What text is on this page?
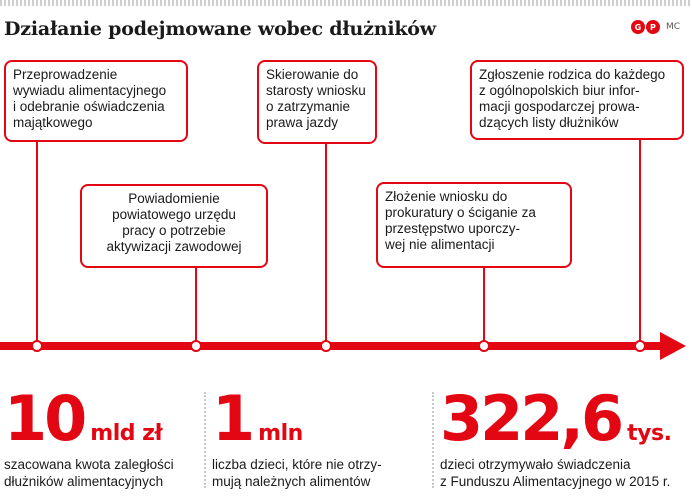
Działanie podejmowane wobec dłużników	G	P	MC
Przeprowadzenie
wywiadu alimentacyjnego
i odebranie oświadczenia
majątkowego
Powiadomienie
powiatowego urzędu
pracy o potrzebie
aktywizacji zawodowej
Skierowanie do
starosty wniosku
o zatrzymanie
prawa jazdy
Złożenie wniosku do
prokuratury o ściganie za
przestępstwo uporczy-
wej nie alimentacji
Zgłoszenie rodzica do każdego
z ogólnopolskich biur infor-
macji gospodarczej prowa-
dzących listy dłużników
10 mld zł
szacowana kwota zaległości
dłużników alimentacyjnych
1 mln
liczba dzieci, które nie otrzy-
mują należnych alimentów
322,6 tys.
dzieci otrzymywało świadczenia
z Funduszu Alimentacyjnego w 2015 r.
